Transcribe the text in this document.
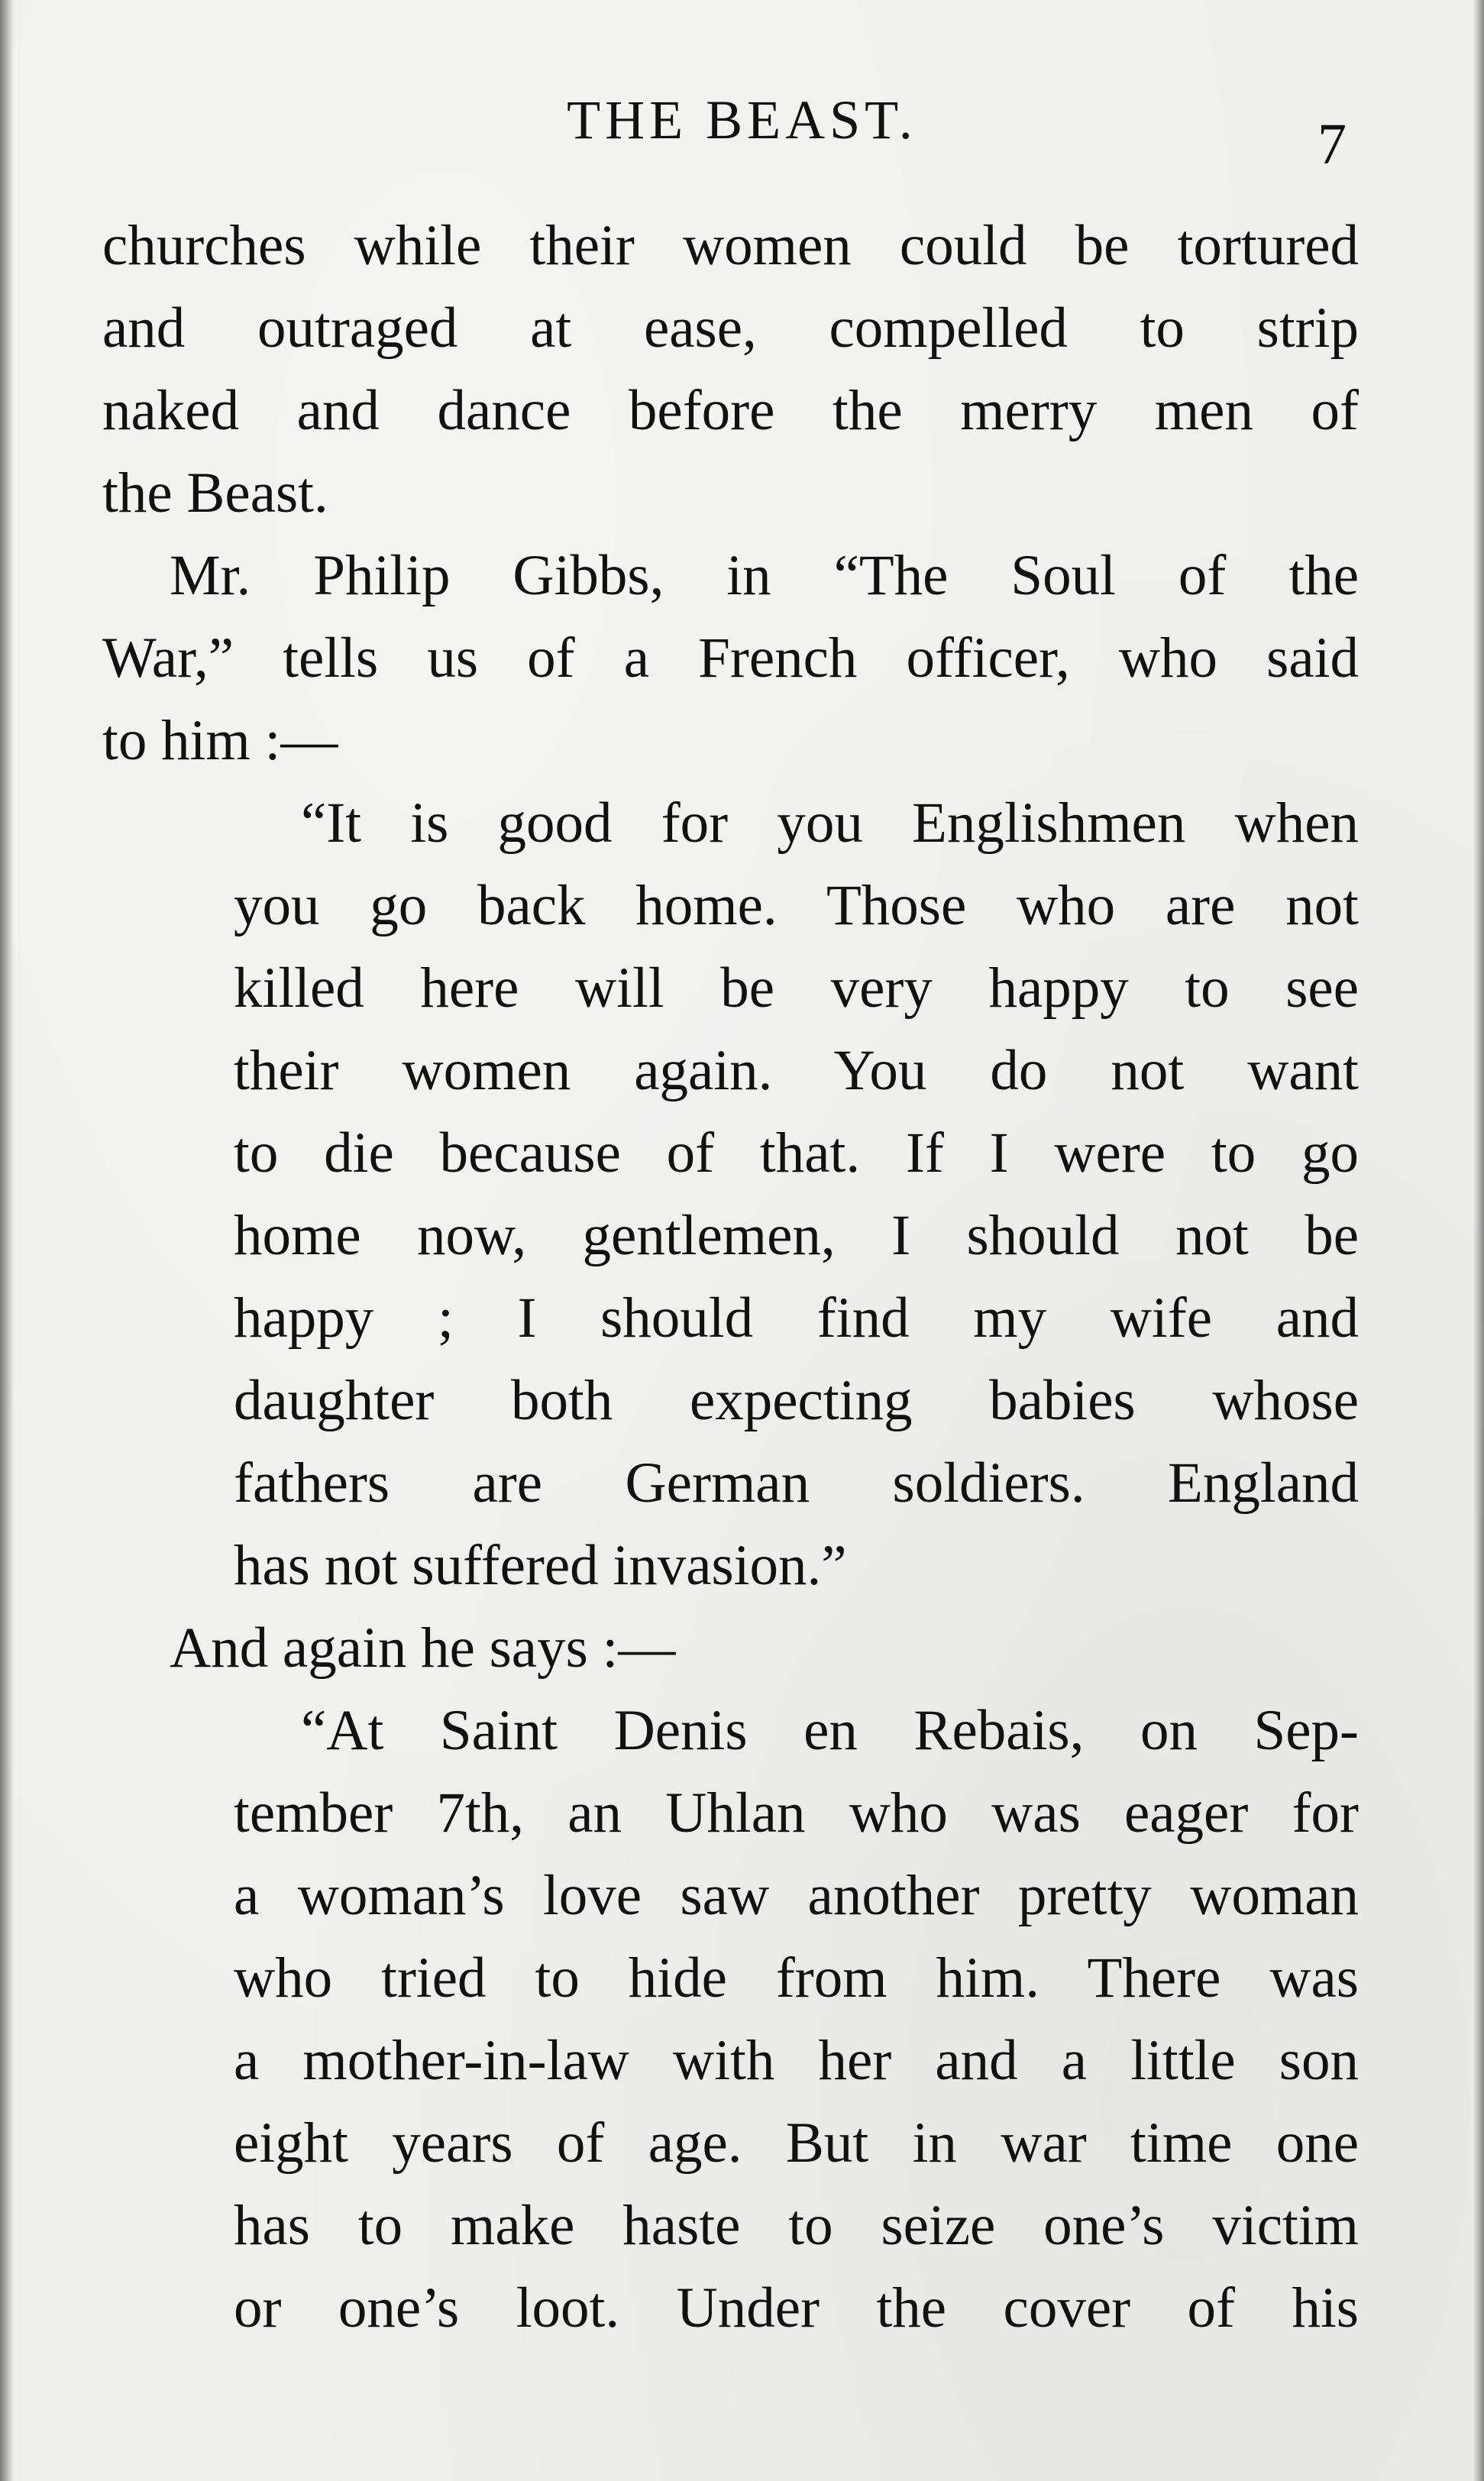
THE BEAST.	7
churches while their women could be tortured
and outraged at ease, compelled to strip
naked and dance before the merry men of
the Beast.
Mr. Philip Gibbs, in “The Soul of the
War,” tells us of a French officer, who said
to him :—
“It is good for you Englishmen when
you go back home. Those who are not
killed here will be very happy to see
their women again. You do not want
to die because of that. If I were to go
home now, gentlemen, I should not be
happy ; I should find my wife and
daughter both expecting babies whose
fathers are German soldiers. England
has not suffered invasion.”
And again he says :—
“At Saint Denis en Rebais, on Sep-
tember 7th, an Uhlan who was eager for
a woman’s love saw another pretty woman
who tried to hide from him. There was
a mother-in-law with her and a little son
eight years of age. But in war time one
has to make haste to seize one’s victim
or one’s loot. Under the cover of his
